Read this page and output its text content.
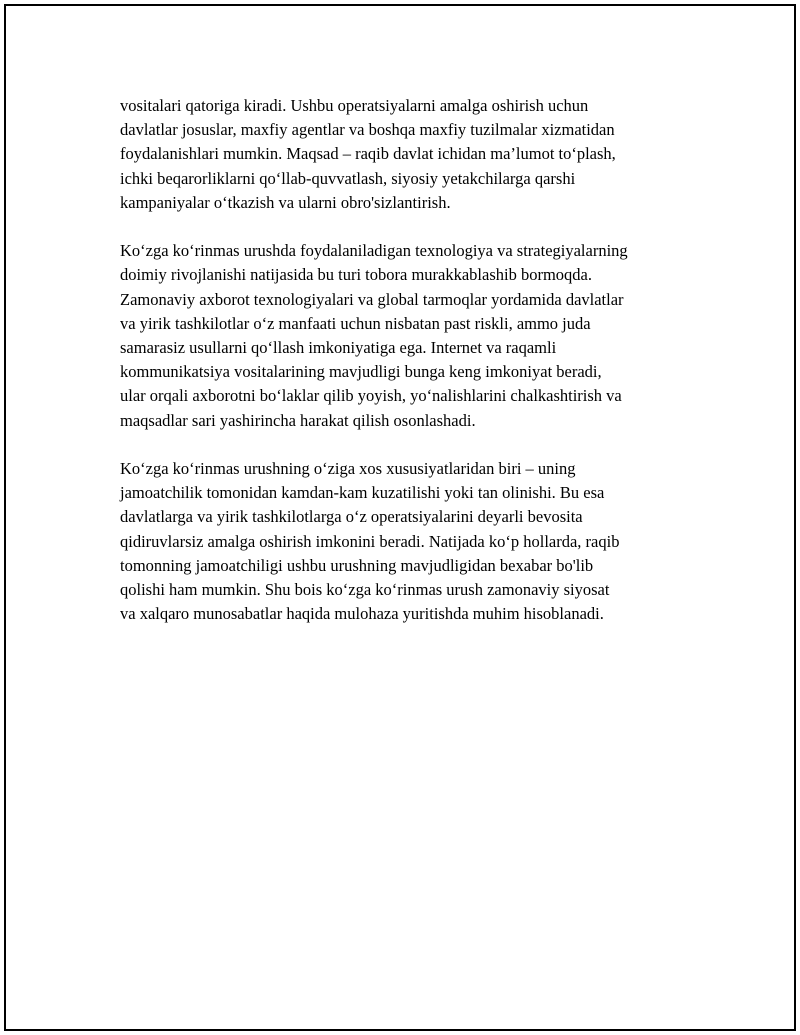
vositalari qatoriga kiradi. Ushbu operatsiyalarni amalga oshirish uchun
davlatlar josuslar, maxfiy agentlar va boshqa maxfiy tuzilmalar xizmatidan
foydalanishlari mumkin. Maqsad – raqib davlat ichidan ma’lumot to‘plash,
ichki beqarorliklarni qo‘llab-quvvatlash, siyosiy yetakchilarga qarshi
kampaniyalar o‘tkazish va ularni obro'sizlantirish.

Ko‘zga ko‘rinmas urushda foydalaniladigan texnologiya va strategiyalarning
doimiy rivojlanishi natijasida bu turi tobora murakkablashib bormoqda.
Zamonaviy axborot texnologiyalari va global tarmoqlar yordamida davlatlar
va yirik tashkilotlar o‘z manfaati uchun nisbatan past riskli, ammo juda
samarasiz usullarni qo‘llash imkoniyatiga ega. Internet va raqamli
kommunikatsiya vositalarining mavjudligi bunga keng imkoniyat beradi,
ular orqali axborotni bo‘laklar qilib yoyish, yo‘nalishlarini chalkashtirish va
maqsadlar sari yashirincha harakat qilish osonlashadi.

Ko‘zga ko‘rinmas urushning o‘ziga xos xususiyatlaridan biri – uning
jamoatchilik tomonidan kamdan-kam kuzatilishi yoki tan olinishi. Bu esa
davlatlarga va yirik tashkilotlarga o‘z operatsiyalarini deyarli bevosita
qidiruvlarsiz amalga oshirish imkonini beradi. Natijada ko‘p hollarda, raqib
tomonning jamoatchiligi ushbu urushning mavjudligidan bexabar bo'lib
qolishi ham mumkin. Shu bois ko‘zga ko‘rinmas urush zamonaviy siyosat
va xalqaro munosabatlar haqida mulohaza yuritishda muhim hisoblanadi.
